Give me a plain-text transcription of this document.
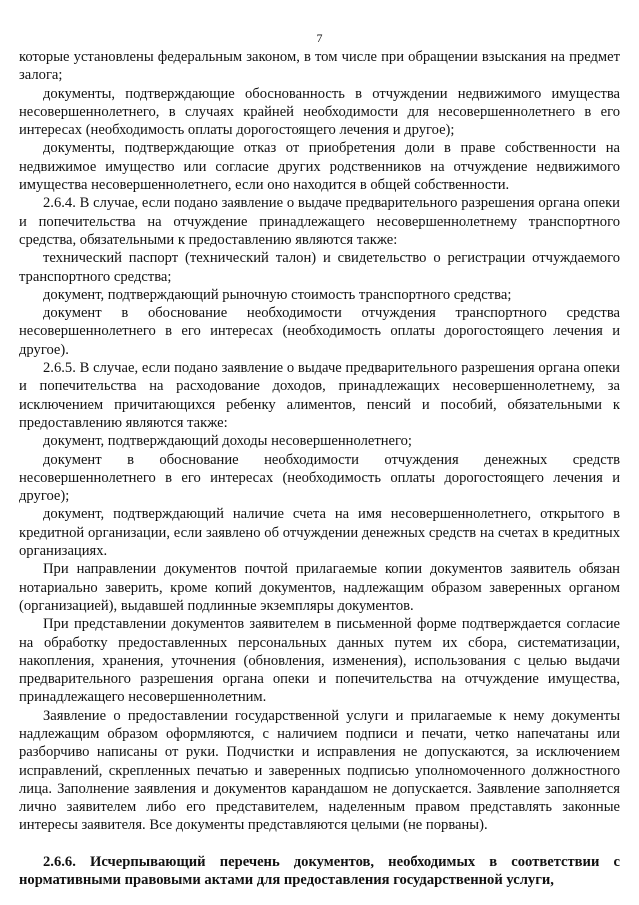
7

которые установлены федеральным законом, в том числе при обращении взыскания на предмет залога;

документы, подтверждающие обоснованность в отчуждении недвижимого имущества несовершеннолетнего, в случаях крайней необходимости для несовершеннолетнего в его интересах (необходимость оплаты дорогостоящего лечения и другое);

документы, подтверждающие отказ от приобретения доли в праве собственности на недвижимое имущество или согласие других родственников на отчуждение недвижимого имущества несовершеннолетнего, если оно находится в общей собственности.

2.6.4. В случае, если подано заявление о выдаче предварительного разрешения органа опеки и попечительства на отчуждение принадлежащего несовершеннолетнему транспортного средства, обязательными к предоставлению являются также:

технический паспорт (технический талон) и свидетельство о регистрации отчуждаемого транспортного средства;

документ, подтверждающий рыночную стоимость транспортного средства;

документ в обоснование необходимости отчуждения транспортного средства несовершеннолетнего в его интересах (необходимость оплаты дорогостоящего лечения и другое).

2.6.5. В случае, если подано заявление о выдаче предварительного разрешения органа опеки и попечительства на расходование доходов, принадлежащих несовершеннолетнему, за исключением причитающихся ребенку алиментов, пенсий и пособий, обязательными к предоставлению являются также:

документ, подтверждающий доходы несовершеннолетнего;

документ в обоснование необходимости отчуждения денежных средств несовершеннолетнего в его интересах (необходимость оплаты дорогостоящего лечения и другое);

документ, подтверждающий наличие счета на имя несовершеннолетнего, открытого в кредитной организации, если заявлено об отчуждении денежных средств на счетах в кредитных организациях.

При направлении документов почтой прилагаемые копии документов заявитель обязан нотариально заверить, кроме копий документов, надлежащим образом заверенных органом (организацией), выдавшей подлинные экземпляры документов.

При представлении документов заявителем в письменной форме подтверждается согласие на обработку предоставленных персональных данных путем их сбора, систематизации, накопления, хранения, уточнения (обновления, изменения), использования с целью выдачи предварительного разрешения органа опеки и попечительства на отчуждение имущества, принадлежащего несовершеннолетним.

Заявление о предоставлении государственной услуги и прилагаемые к нему документы надлежащим образом оформляются, с наличием подписи и печати, четко напечатаны или разборчиво написаны от руки. Подчистки и исправления не допускаются, за исключением исправлений, скрепленных печатью и заверенных подписью уполномоченного должностного лица. Заполнение заявления и документов карандашом не допускается. Заявление заполняется лично заявителем либо его представителем, наделенным правом представлять законные интересы заявителя. Все документы представляются целыми (не порваны).

2.6.6. Исчерпывающий перечень документов, необходимых в соответствии с нормативными правовыми актами для предоставления государственной услуги,
